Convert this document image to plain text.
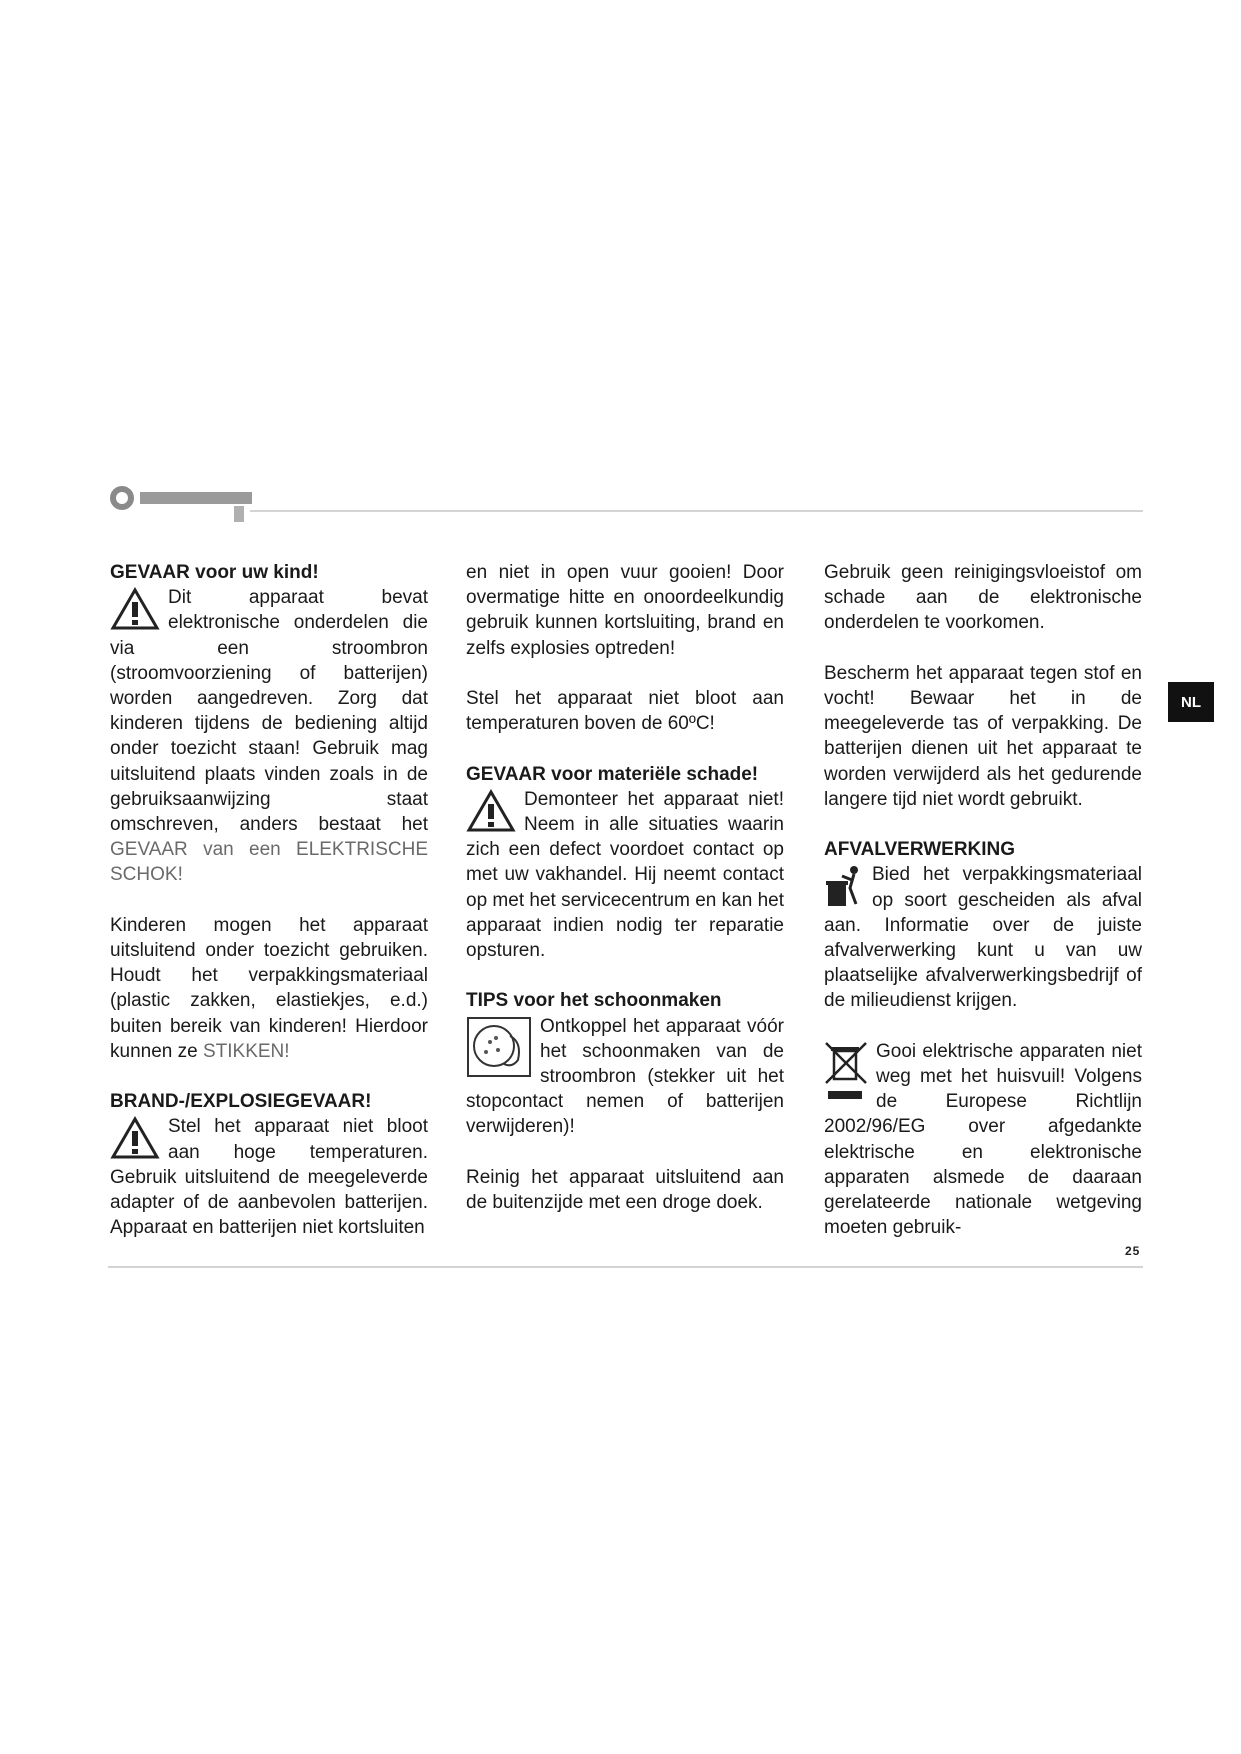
NL

GEVAAR voor uw kind!

Dit apparaat bevat elektronische onderdelen die via een stroombron (stroomvoorziening of batterijen) worden aangedreven. Zorg dat kinderen tijdens de bediening altijd onder toezicht staan! Gebruik mag uitsluitend plaats vinden zoals in de gebruiksaanwijzing staat omschreven, anders bestaat het GEVAAR van een ELEKTRISCHE SCHOK!

Kinderen mogen het apparaat uitsluitend onder toezicht gebruiken. Houdt het verpakkingsmateriaal (plastic zakken, elastiekjes, e.d.) buiten bereik van kinderen! Hierdoor kunnen ze STIKKEN!

BRAND-/EXPLOSIEGEVAAR!

Stel het apparaat niet bloot aan hoge temperaturen. Gebruik uitsluitend de meegeleverde adapter of de aanbevolen batterijen. Apparaat en batterijen niet kortsluiten

en niet in open vuur gooien! Door overmatige hitte en onoordeelkundig gebruik kunnen kortsluiting, brand en zelfs explosies optreden!

Stel het apparaat niet bloot aan temperaturen boven de 60ºC!

GEVAAR voor materiële schade!

Demonteer het apparaat niet! Neem in alle situaties waarin zich een defect voordoet contact op met uw vakhandel. Hij neemt contact op met het servicecentrum en kan het apparaat indien nodig ter reparatie opsturen.

TIPS voor het schoonmaken

Ontkoppel het apparaat vóór het schoonmaken van de stroombron (stekker uit het stopcontact nemen of batterijen verwijderen)!

Reinig het apparaat uitsluitend aan de buitenzijde met een droge doek.

Gebruik geen reinigingsvloeistof om schade aan de elektronische onderdelen te voorkomen.

Bescherm het apparaat tegen stof en vocht! Bewaar het in de meegeleverde tas of verpakking. De batterijen dienen uit het apparaat te worden verwijderd als het gedurende langere tijd niet wordt gebruikt.

AFVALVERWERKING

Bied het verpakkingsmateriaal op soort gescheiden als afval aan. Informatie over de juiste afvalverwerking kunt u van uw plaatselijke afvalverwerkingsbedrijf of de milieudienst krijgen.

Gooi elektrische apparaten niet weg met het huisvuil! Volgens de Europese Richtlijn 2002/96/EG over afgedankte elektrische en elektronische apparaten alsmede de daaraan gerelateerde nationale wetgeving moeten gebruik-

25
